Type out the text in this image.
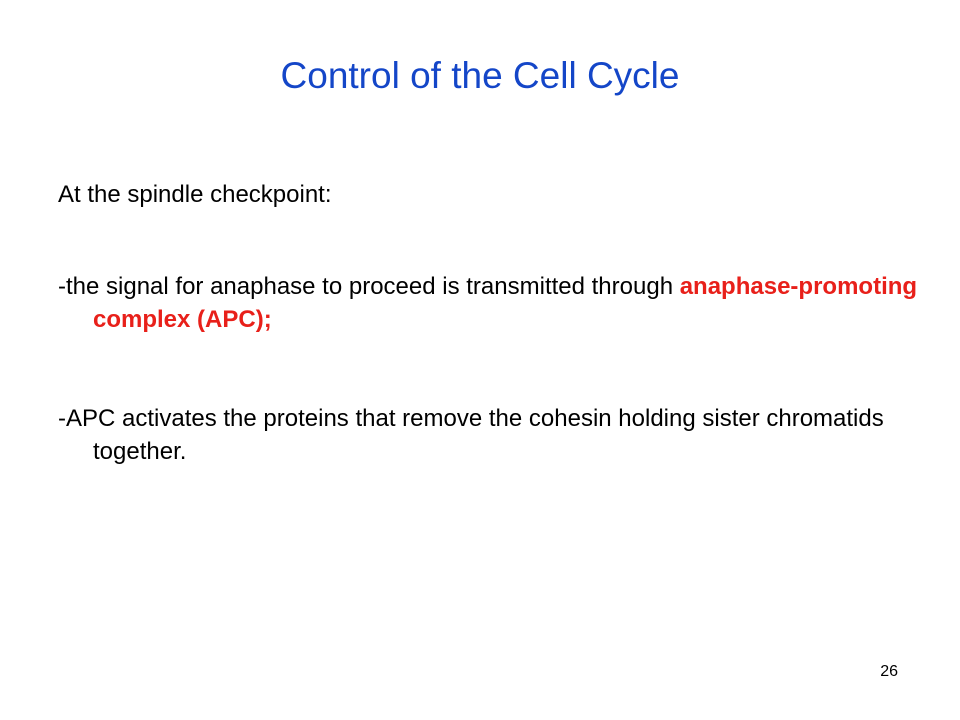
Control of the Cell Cycle
At the spindle checkpoint:

-the signal for anaphase to proceed is transmitted through anaphase-promoting complex (APC);

-APC activates the proteins that remove the cohesin holding sister chromatids together.

26
